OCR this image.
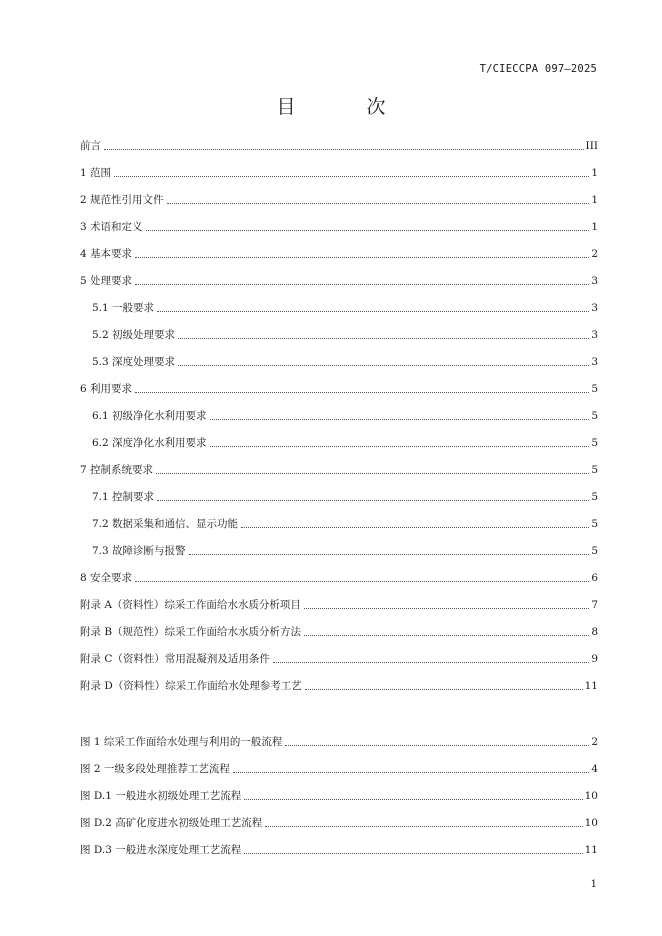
T/CIECCPA 097—2025
目　次
前言	III
1 范围	1
2 规范性引用文件	1
3 术语和定义	1
4 基本要求	2
5 处理要求	3
5.1 一般要求	3
5.2 初级处理要求	3
5.3 深度处理要求	3
6 利用要求	5
6.1 初级净化水利用要求	5
6.2 深度净化水利用要求	5
7 控制系统要求	5
7.1 控制要求	5
7.2 数据采集和通信、显示功能	5
7.3 故障诊断与报警	5
8 安全要求	6
附录 A（资料性）综采工作面给水水质分析项目	7
附录 B（规范性）综采工作面给水水质分析方法	8
附录 C（资料性）常用混凝剂及适用条件	9
附录 D（资料性）综采工作面给水处理参考工艺	11
图 1 综采工作面给水处理与利用的一般流程	2
图 2 一级多段处理推荐工艺流程	4
图 D.1 一般进水初级处理工艺流程	10
图 D.2 高矿化度进水初级处理工艺流程	10
图 D.3 一般进水深度处理工艺流程	11
1
